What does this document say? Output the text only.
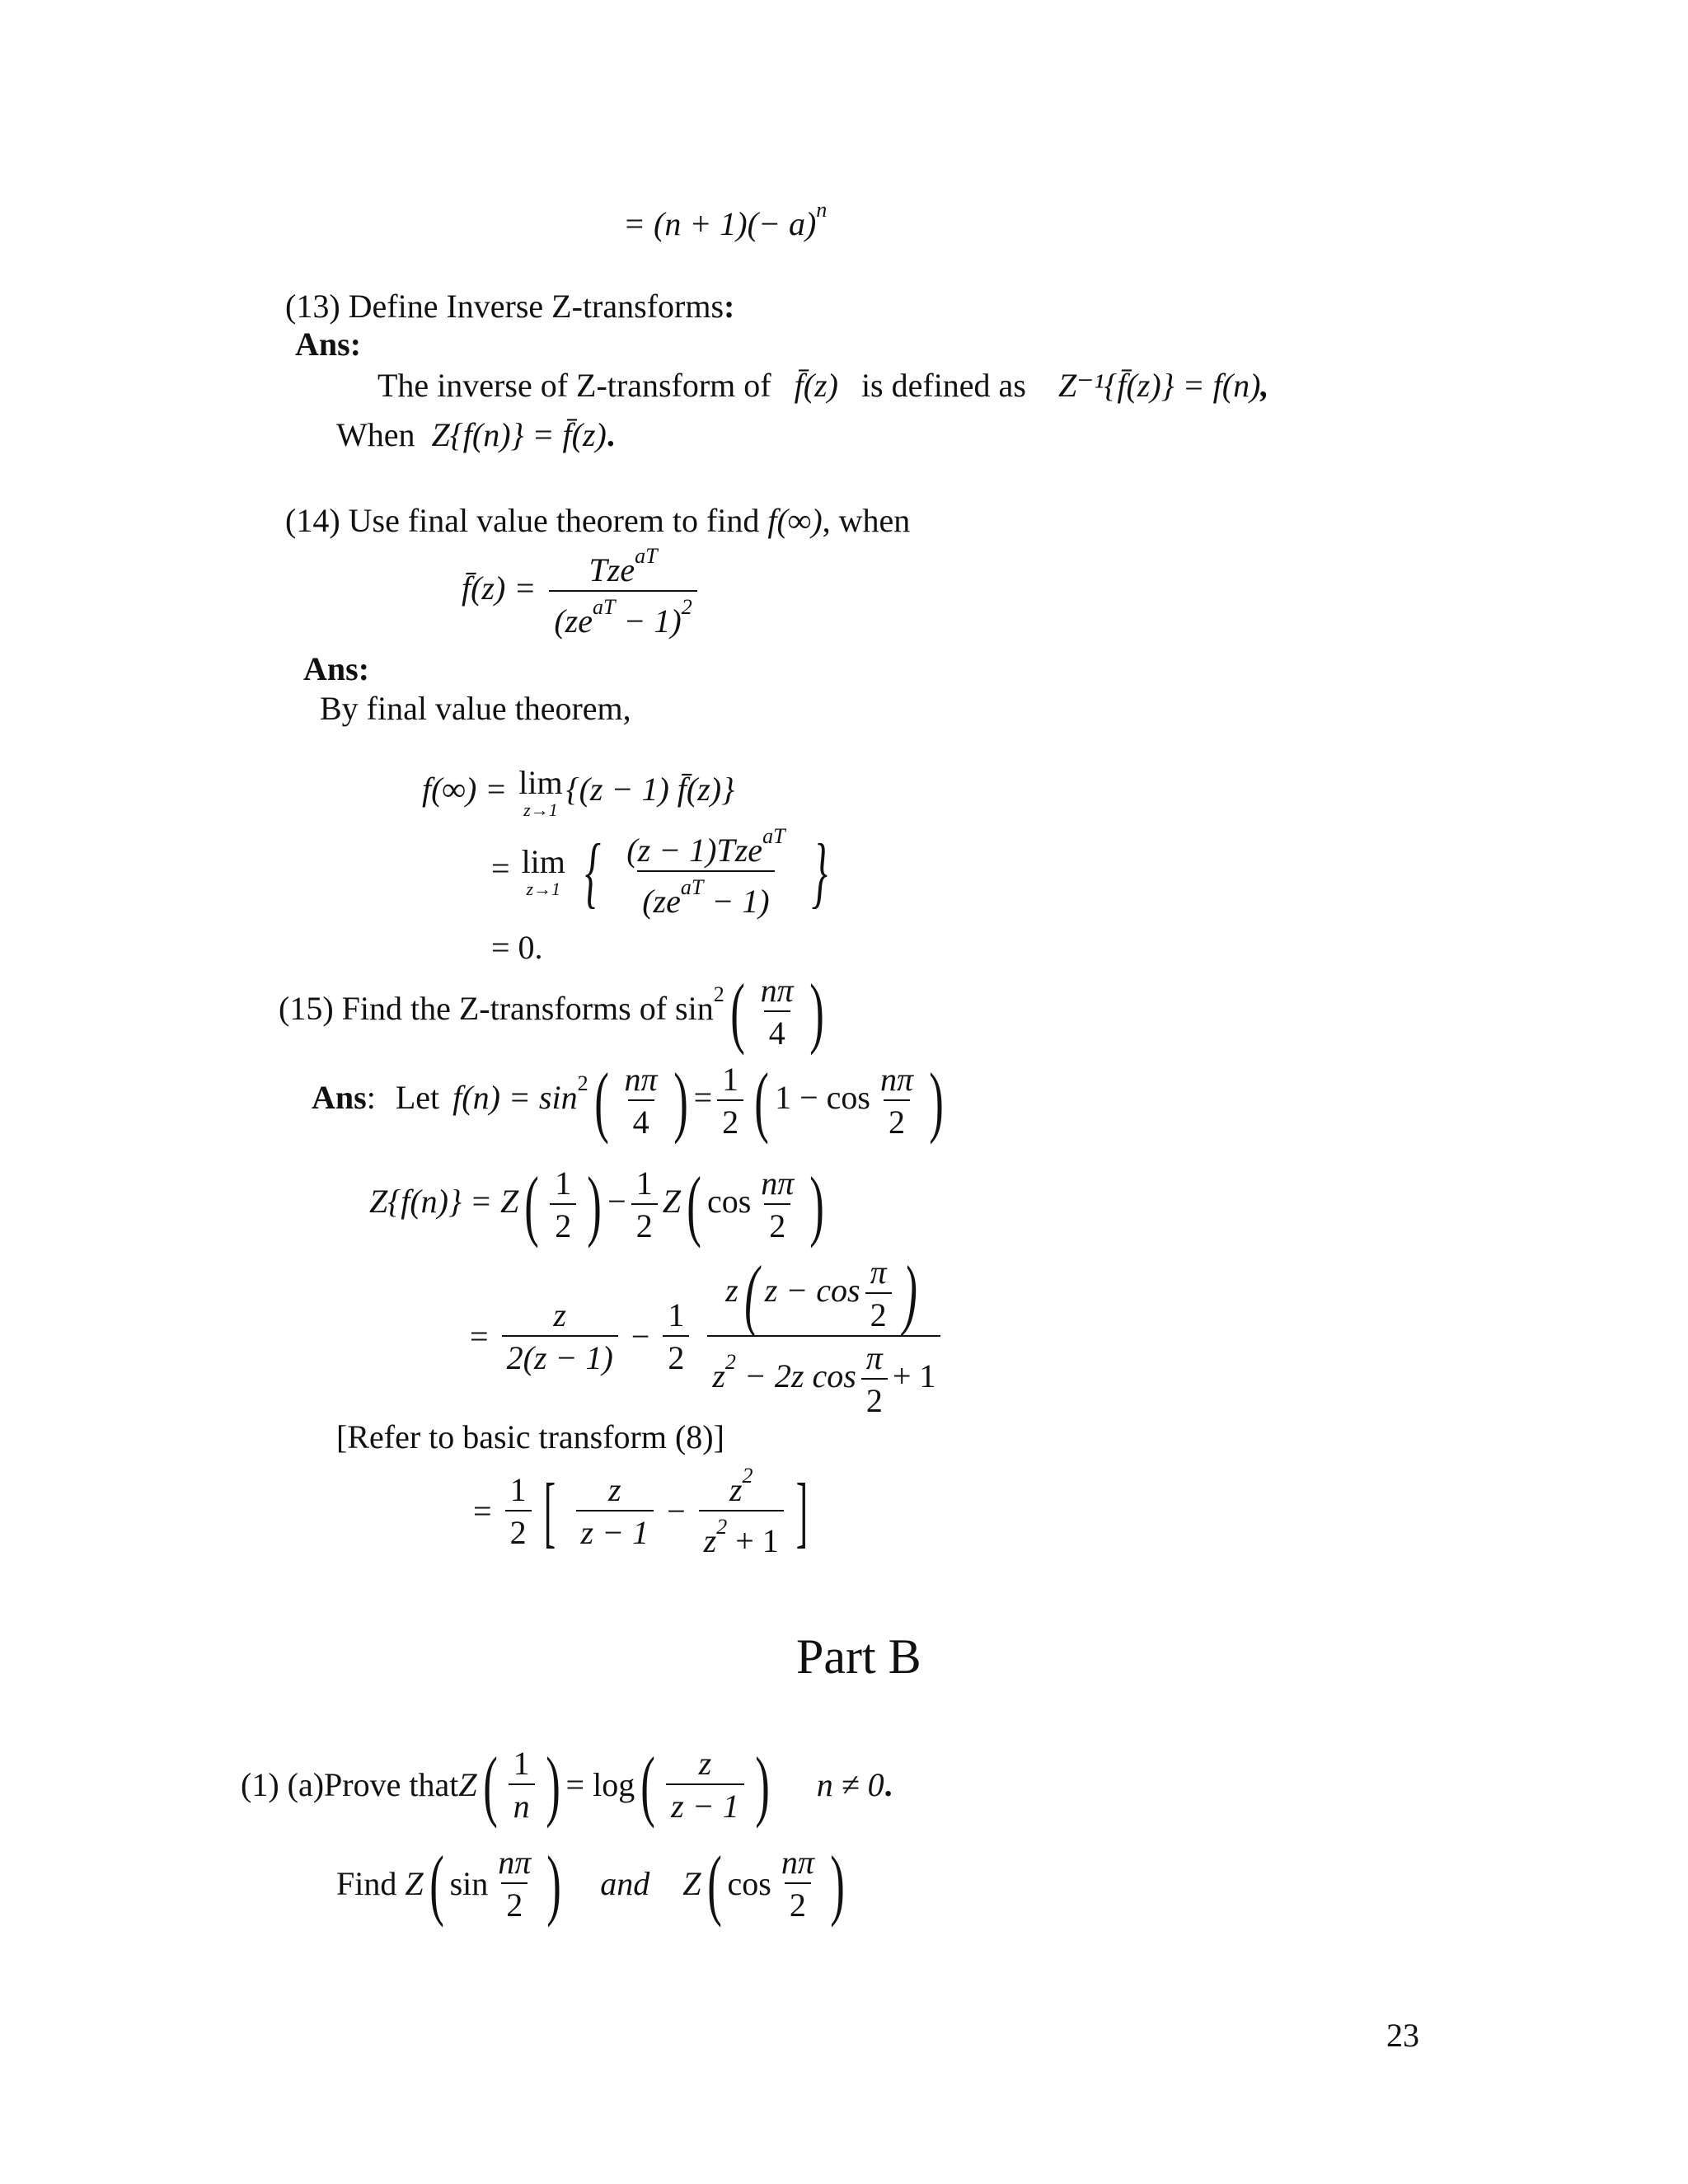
= $(n + 1)(- a)^n$
(13) Define Inverse Z-transforms:
Ans:
The inverse of Z-transform of f̄(z) is defined as Z⁻¹{f̄(z)} = f(n),
When Z{f(n)} = f̄(z).
(14) Use final value theorem to find f(∞), when
f̄(z) = $\frac{Tze^{aT}}{(ze^{aT} - 1)^2}$
Ans:
By final value theorem,
f(∞) = lim
z→1
{(z − 1) f̄(z)}
= lim
z→1 { $\frac{(z - 1)Tze^{aT}}{(ze^{aT} - 1)}$ }
= 0.
(15) Find the Z-transforms of $\sin^2( \frac{n\pi}{4}$ )
Ans: Let $f(n) = \sin^2( \frac{n\pi}{4}$ ) = $\frac{1}{2}$ ( $1 - \cos \frac{n\pi}{2}$ )
$Z\{f(n)\} = Z( \frac{1}{2}$ ) − $\frac{1}{2} Z$( $\cos \frac{n\pi}{2}$ )
= $\frac{z}{2(z - 1)} - \frac{1}{2}$
$\frac{z( z - \cos \frac{\pi}{2} )}{z^2 - 2z \cos \frac{\pi}{2} + 1}$
[Refer to basic transform (8)]
= $\frac{1}{2}$ [ $\frac{z}{z - 1} - \frac{z^2}{z^2 + 1}$ ]
Part B
(1) (a)Prove thatZ( $\frac{1}{n}$ ) = $\log( \frac{z}{z - 1}$ ) n ≠ 0.
Find Z( $\sin \frac{n\pi}{2}$ ) and Z( $\cos \frac{n\pi}{2}$ )
23
